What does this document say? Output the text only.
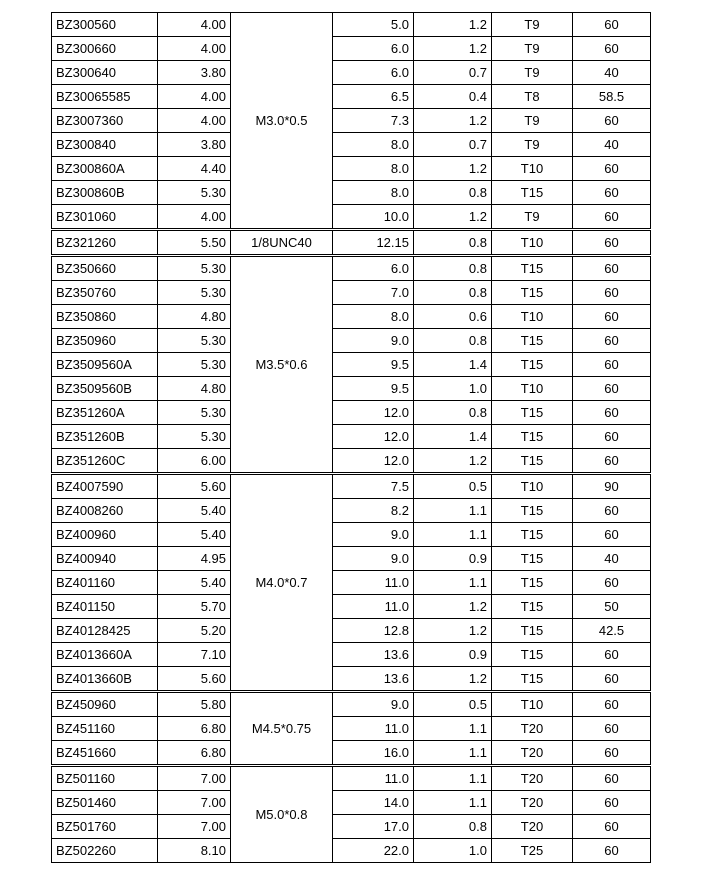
BZ300560	4.00	M3.0*0.5	5.0	1.2	T9	60
BZ300660	4.00		6.0	1.2	T9	60
BZ300640	3.80		6.0	0.7	T9	40
BZ30065585	4.00		6.5	0.4	T8	58.5
BZ3007360	4.00		7.3	1.2	T9	60
BZ300840	3.80		8.0	0.7	T9	40
BZ300860A	4.40		8.0	1.2	T10	60
BZ300860B	5.30		8.0	0.8	T15	60
BZ301060	4.00		10.0	1.2	T9	60
BZ321260	5.50	1/8UNC40	12.15	0.8	T10	60
BZ350660	5.30	M3.5*0.6	6.0	0.8	T15	60
BZ350760	5.30		7.0	0.8	T15	60
BZ350860	4.80		8.0	0.6	T10	60
BZ350960	5.30		9.0	0.8	T15	60
BZ3509560A	5.30		9.5	1.4	T15	60
BZ3509560B	4.80		9.5	1.0	T10	60
BZ351260A	5.30		12.0	0.8	T15	60
BZ351260B	5.30		12.0	1.4	T15	60
BZ351260C	6.00		12.0	1.2	T15	60
BZ4007590	5.60	M4.0*0.7	7.5	0.5	T10	90
BZ4008260	5.40		8.2	1.1	T15	60
BZ400960	5.40		9.0	1.1	T15	60
BZ400940	4.95		9.0	0.9	T15	40
BZ401160	5.40		11.0	1.1	T15	60
BZ401150	5.70		11.0	1.2	T15	50
BZ40128425	5.20		12.8	1.2	T15	42.5
BZ4013660A	7.10		13.6	0.9	T15	60
BZ4013660B	5.60		13.6	1.2	T15	60
BZ450960	5.80	M4.5*0.75	9.0	0.5	T10	60
BZ451160	6.80		11.0	1.1	T20	60
BZ451660	6.80		16.0	1.1	T20	60
BZ501160	7.00	M5.0*0.8	11.0	1.1	T20	60
BZ501460	7.00		14.0	1.1	T20	60
BZ501760	7.00		17.0	0.8	T20	60
BZ502260	8.10		22.0	1.0	T25	60
